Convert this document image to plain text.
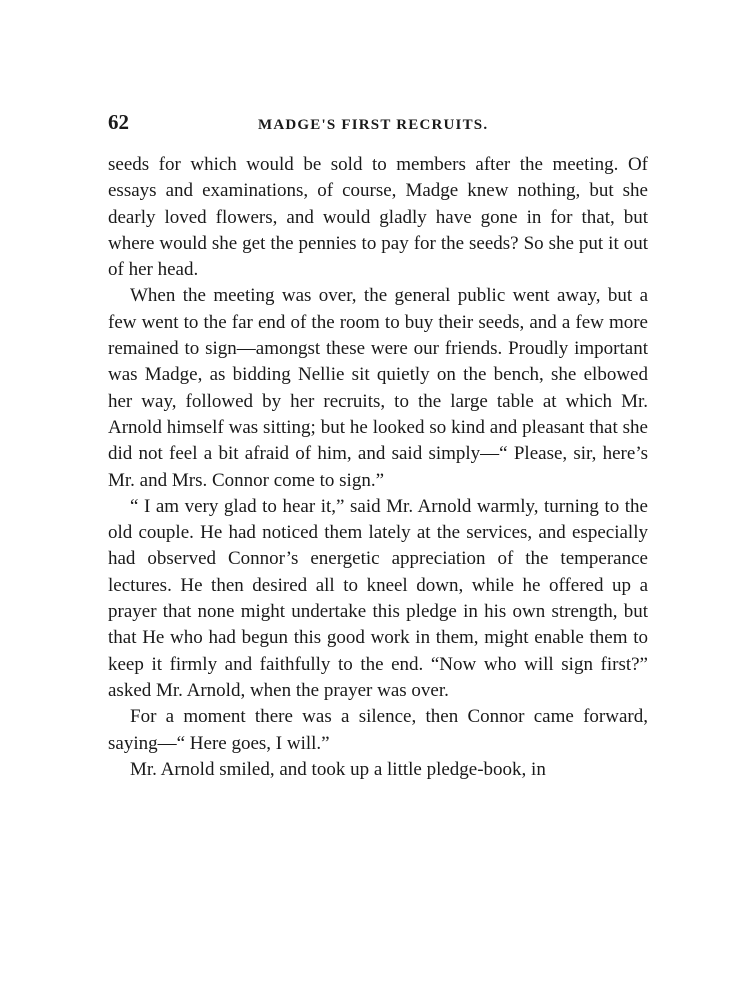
62	MADGE'S FIRST RECRUITS.

seeds for which would be sold to members after the meeting. Of essays and examinations, of course, Madge knew nothing, but she dearly loved flowers, and would gladly have gone in for that, but where would she get the pennies to pay for the seeds? So she put it out of her head.

When the meeting was over, the general public went away, but a few went to the far end of the room to buy their seeds, and a few more remained to sign—amongst these were our friends. Proudly important was Madge, as bidding Nellie sit quietly on the bench, she elbowed her way, followed by her recruits, to the large table at which Mr. Arnold himself was sitting; but he looked so kind and pleasant that she did not feel a bit afraid of him, and said simply—“ Please, sir, here’s Mr. and Mrs. Connor come to sign.”

“ I am very glad to hear it,” said Mr. Arnold warmly, turning to the old couple. He had noticed them lately at the services, and especially had observed Connor’s energetic appreciation of the temperance lectures. He then desired all to kneel down, while he offered up a prayer that none might undertake this pledge in his own strength, but that He who had begun this good work in them, might enable them to keep it firmly and faithfully to the end. “Now who will sign first?” asked Mr. Arnold, when the prayer was over.

For a moment there was a silence, then Connor came forward, saying—“ Here goes, I will.”

Mr. Arnold smiled, and took up a little pledge-book, in
